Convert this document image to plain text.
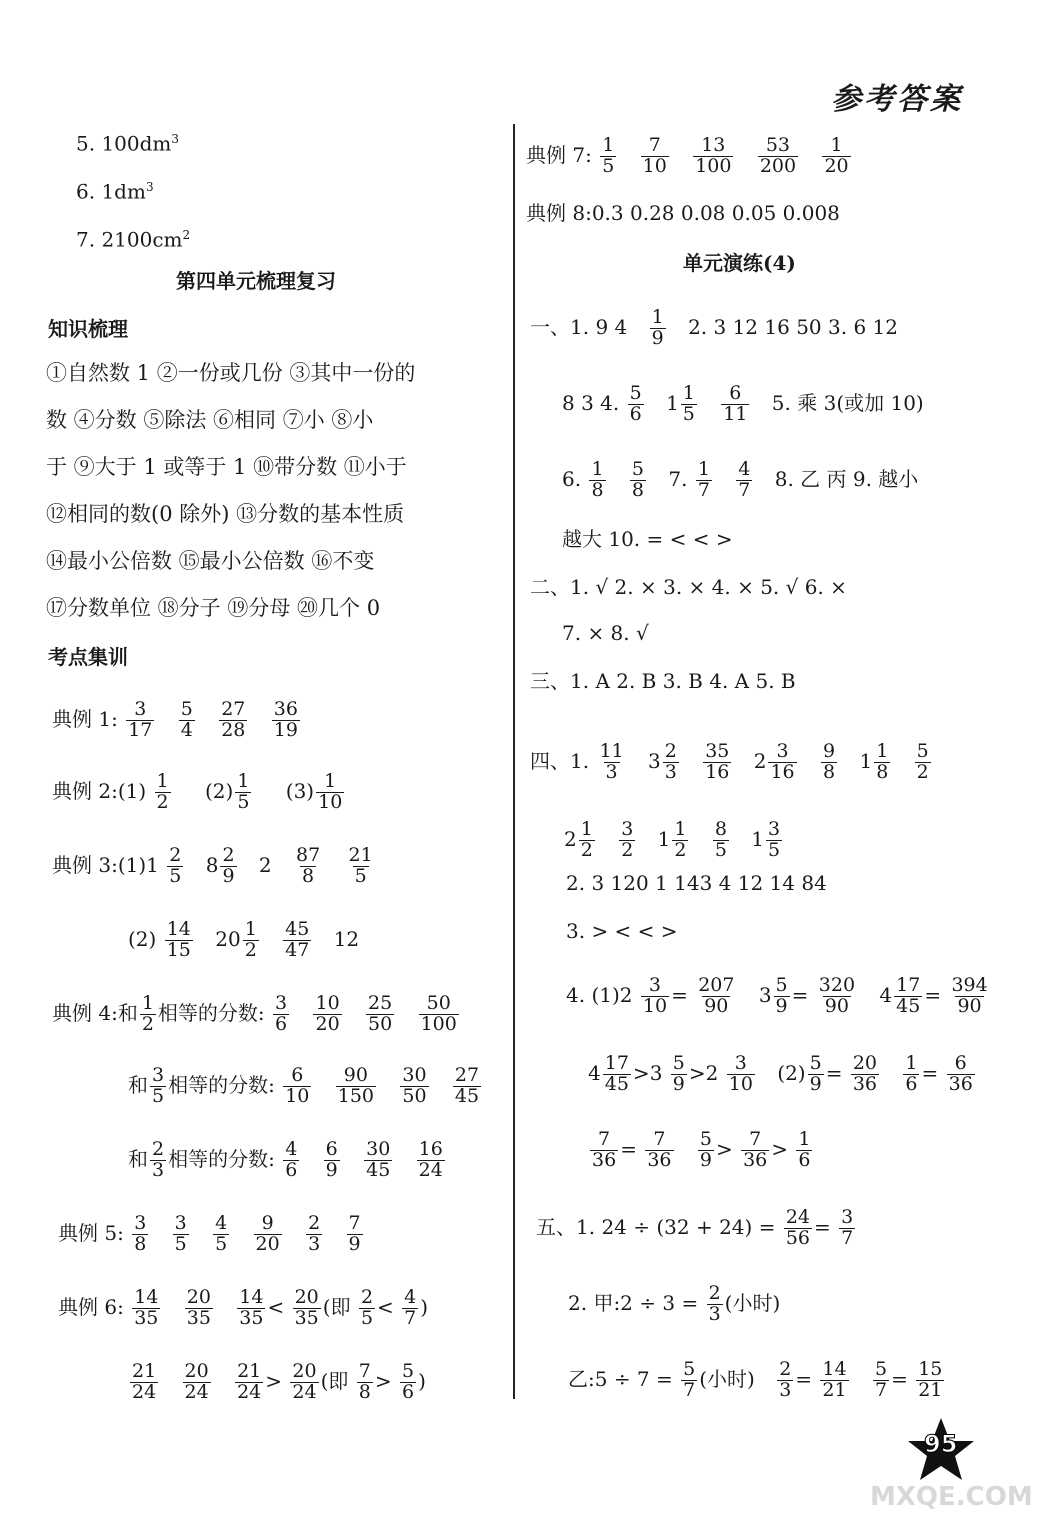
参考答案
5. $100dm^3$
6. $1dm^3$
7. $2100cm^2$
第四单元梳理复习
知识梳理
①自然数 1 ②一份或几份 ③其中一份的
数 ④分数 ⑤除法 ⑥相同 ⑦小 ⑧小
于 ⑨大于 1 或等于 1 ⑩带分数 ⑪小于
⑫相同的数(0 除外) ⑬分数的基本性质
⑭最小公倍数 ⑮最小公倍数 ⑯不变
⑰分数单位 ⑱分子 ⑲分母 ⑳几个 0
考点集训
典例 1: $\frac{3}{17}$
$\frac{5}{4}$
$\frac{27}{28}$
$\frac{36}{19}$
典例 2:(1) $\frac{1}{2} (2) \frac{1}{5} (3) \frac{1}{10}$
典例 3:(1)1 $\frac{2}{5} 8 \frac{2}{9} 2 \frac{87}{8}$
$\frac{21}{5}$
$(2) \frac{14}{15} 20 \frac{1}{2}$
$\frac{45}{47} 12$
典例 4:和 $\frac{1}{2}$ 相等的分数: $\frac{3}{6}$
$\frac{10}{20}$
$\frac{25}{50}$
$\frac{50}{100}$
和 $\frac{3}{5}$ 相等的分数: $\frac{6}{10}$
$\frac{90}{150}$
$\frac{30}{50}$
$\frac{27}{45}$
和 $\frac{2}{3}$ 相等的分数: $\frac{4}{6}$
$\frac{6}{9}$
$\frac{30}{45}$
$\frac{16}{24}$
典例 5: $\frac{3}{8}$
$\frac{3}{5}$
$\frac{4}{5}$
$\frac{9}{20}$
$\frac{2}{3}$
$\frac{7}{9}$
典例 6: $\frac{14}{35}$
$\frac{20}{35}$
$\frac{14}{35} < \frac{20}{35}$ (即 $\frac{2}{5} < \frac{4}{7}$ )
$\frac{21}{24}$
$\frac{20}{24}$
$\frac{21}{24} > \frac{20}{24}$ (即 $\frac{7}{8} > \frac{5}{6}$ )
典例 7: $\frac{1}{5}$
$\frac{7}{10}$
$\frac{13}{100}$
$\frac{53}{200}$
$\frac{1}{20}$
典例 8:0.3 0.28 0.08 0.05 0.008
单元演练(4)
一、1. 9 $4 \frac{1}{9} 2$. 3 12 16 50 3. 6 12
8 3 4. $\frac{5}{6} 1 \frac{1}{5}$
$\frac{6}{11} 5$. 乘 3(或加 10)
6. $\frac{1}{8}$
$\frac{5}{8} 7$. $\frac{1}{7}$
$\frac{4}{7} 8$. 乙 丙 9. 越小
越大 10. = < < >
二、1. √ 2. × 3. × 4. × 5. √ 6. ×
7. × 8. √
三、1. A 2. B 3. B 4. A 5. B
四、1. $\frac{11}{3} 3 \frac{2}{3}$
$\frac{35}{16} 2 \frac{3}{16}$
$\frac{9}{8} 1 \frac{1}{8}$
$\frac{5}{2}$
$2 \frac{1}{2}$
$\frac{3}{2} 1 \frac{1}{2}$
$\frac{8}{5} 1 \frac{3}{5}$
2. 3 120 1 143 4 12 14 84
3. > < < >
4. $(1)2 \frac{3}{10} = \frac{207}{90} 3 \frac{5}{9} = \frac{320}{90} 4 \frac{17}{45} = \frac{394}{90}$
$4 \frac{17}{45} >3 \frac{5}{9} >2 \frac{3}{10} (2) \frac{5}{9} = \frac{20}{36}$
$\frac{1}{6} = \frac{6}{36}$
$\frac{7}{36} = \frac{7}{36}$
$\frac{5}{9} > \frac{7}{36} > \frac{1}{6}$
五、1. $24 \div (32 + 24) = \frac{24}{56} = \frac{3}{7}$
2. 甲:2 ÷ $3 = \frac{2}{3}$ (小时)
乙:5 ÷ $7 = \frac{5}{7}$ (小时) $\frac{2}{3} = \frac{14}{21}$
$\frac{5}{7} = \frac{15}{21}$
95
MXQE.COM
